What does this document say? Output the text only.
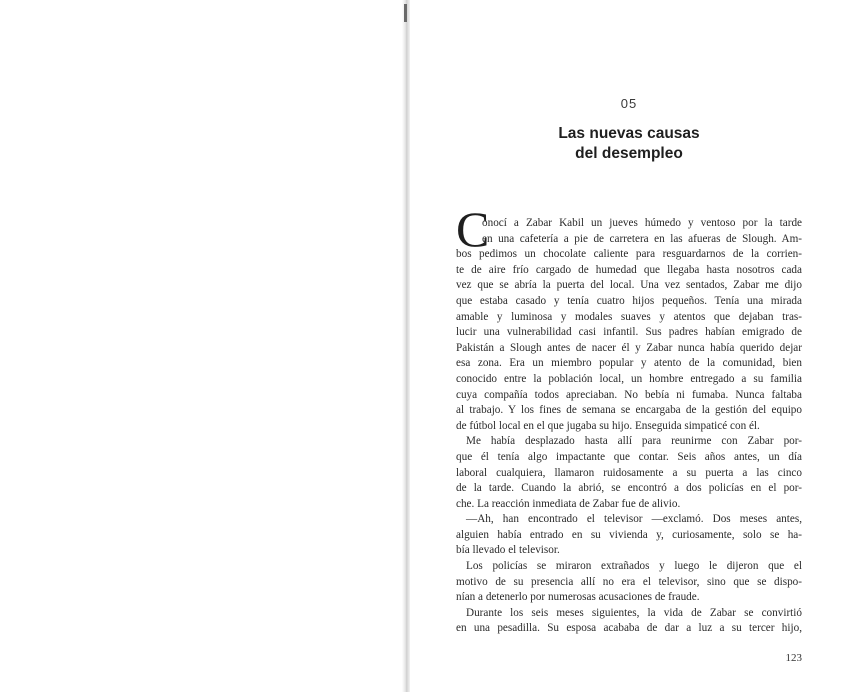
05
Las nuevas causas
del desempleo
C
onocí a Zabar Kabil un jueves húmedo y ventoso por la tarde
en una cafetería a pie de carretera en las afueras de Slough. Am-
bos pedimos un chocolate caliente para resguardarnos de la corrien-
te de aire frío cargado de humedad que llegaba hasta nosotros cada
vez que se abría la puerta del local. Una vez sentados, Zabar me dijo
que estaba casado y tenía cuatro hijos pequeños. Tenía una mirada
amable y luminosa y modales suaves y atentos que dejaban tras-
lucir una vulnerabilidad casi infantil. Sus padres habían emigrado de
Pakistán a Slough antes de nacer él y Zabar nunca había querido dejar
esa zona. Era un miembro popular y atento de la comunidad, bien
conocido entre la población local, un hombre entregado a su familia
cuya compañía todos apreciaban. No bebía ni fumaba. Nunca faltaba
al trabajo. Y los fines de semana se encargaba de la gestión del equipo
de fútbol local en el que jugaba su hijo. Enseguida simpaticé con él.
Me había desplazado hasta allí para reunirme con Zabar por-
que él tenía algo impactante que contar. Seis años antes, un día
laboral cualquiera, llamaron ruidosamente a su puerta a las cinco
de la tarde. Cuando la abrió, se encontró a dos policías en el por-
che. La reacción inmediata de Zabar fue de alivio.
—Ah, han encontrado el televisor —exclamó. Dos meses antes,
alguien había entrado en su vivienda y, curiosamente, solo se ha-
bía llevado el televisor.
Los policías se miraron extrañados y luego le dijeron que el
motivo de su presencia allí no era el televisor, sino que se dispo-
nían a detenerlo por numerosas acusaciones de fraude.
Durante los seis meses siguientes, la vida de Zabar se convirtió
en una pesadilla. Su esposa acababa de dar a luz a su tercer hijo,
123
